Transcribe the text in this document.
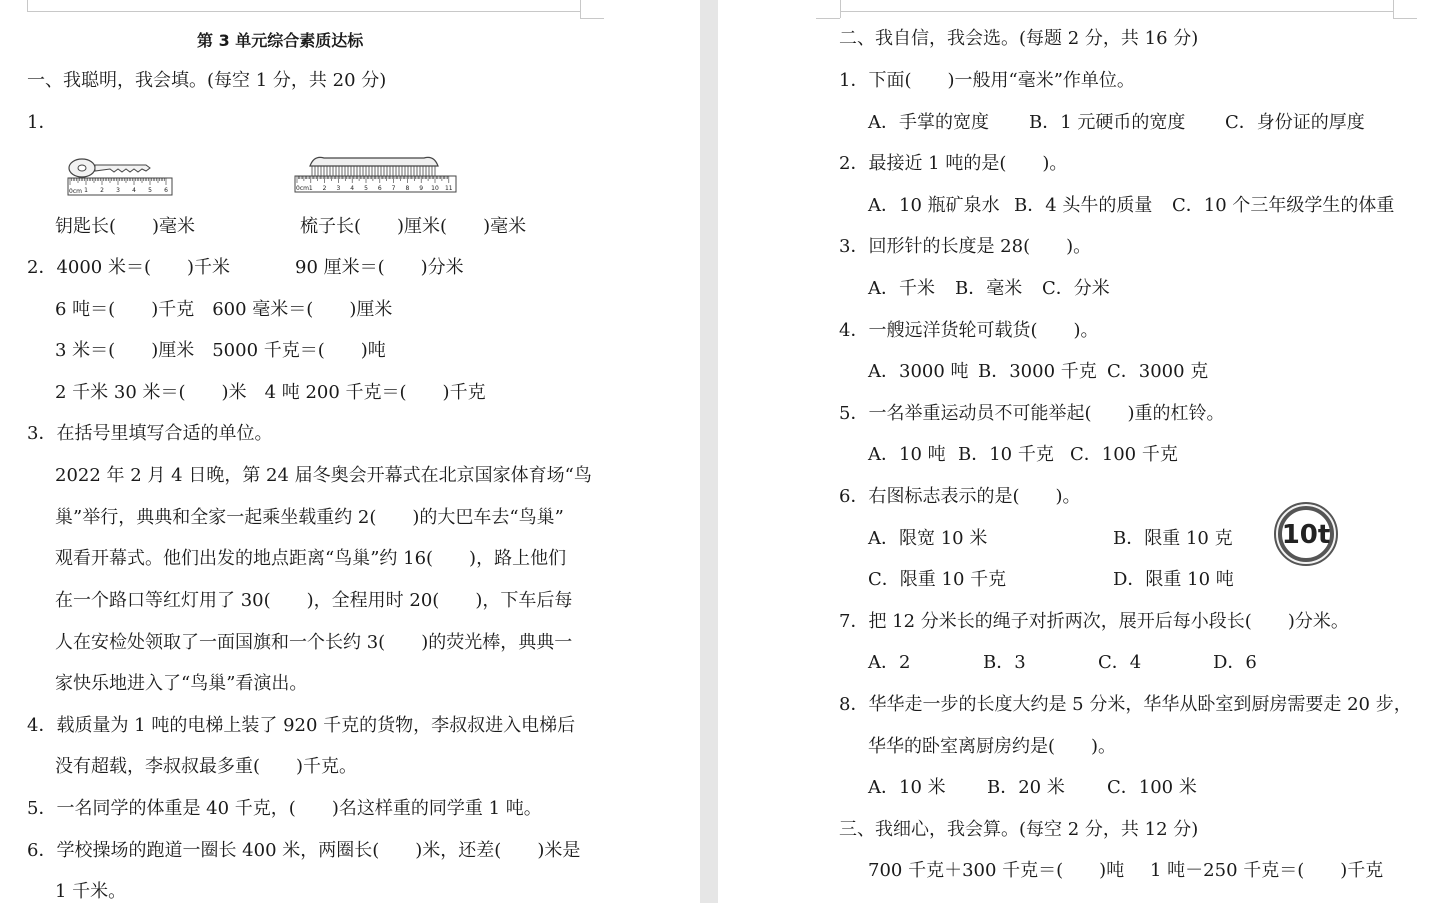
第 3 单元综合素质达标
一、我聪明，我会填。(每空 1 分，共 20 分)
1．
0cm 1 2 3 4 5 6	0cm 1 2 3 4 5 6 7 8 9 10 11
钥匙长(　　)毫米	梳子长(　　)厘米(　　)毫米
2．4000 米＝(　　)千米	90 厘米＝(　　)分米
6 吨＝(　　)千克　600 毫米＝(　　)厘米
3 米＝(　　)厘米　5000 千克＝(　　)吨
2 千米 30 米＝(　　)米　4 吨 200 千克＝(　　)千克
3．在括号里填写合适的单位。
2022 年 2 月 4 日晚，第 24 届冬奥会开幕式在北京国家体育场“鸟
巢”举行，典典和全家一起乘坐载重约 2(　　)的大巴车去“鸟巢”
观看开幕式。他们出发的地点距离“鸟巢”约 16(　　)，路上他们
在一个路口等红灯用了 30(　　)，全程用时 20(　　)，下车后每
人在安检处领取了一面国旗和一个长约 3(　　)的荧光棒，典典一
家快乐地进入了“鸟巢”看演出。
4．载质量为 1 吨的电梯上装了 920 千克的货物，李叔叔进入电梯后
没有超载，李叔叔最多重(　　)千克。
5．一名同学的体重是 40 千克，(　　)名这样重的同学重 1 吨。
6．学校操场的跑道一圈长 400 米，两圈长(　　)米，还差(　　)米是
1 千米。
二、我自信，我会选。(每题 2 分，共 16 分)
1．下面(　　)一般用“毫米”作单位。
A．手掌的宽度 B．1 元硬币的宽度 C．身份证的厚度
2．最接近 1 吨的是(　　)。
A．10 瓶矿泉水 B．4 头牛的质量 C．10 个三年级学生的体重
3．回形针的长度是 28(　　)。
A．千米 B．毫米 C．分米
4．一艘远洋货轮可载货(　　)。
A．3000 吨 B．3000 千克 C．3000 克
5．一名举重运动员不可能举起(　　)重的杠铃。
A．10 吨 B．10 千克 C．100 千克
6．右图标志表示的是(　　)。
A．限宽 10 米	B．限重 10 克
C．限重 10 千克	D．限重 10 吨
10t
7．把 12 分米长的绳子对折两次，展开后每小段长(　　)分米。
A．2	B．3	C．4	D．6
8．华华走一步的长度大约是 5 分米，华华从卧室到厨房需要走 20 步，
华华的卧室离厨房约是(　　)。
A．10 米 B．20 米 C．100 米
三、我细心，我会算。(每空 2 分，共 12 分)
700 千克＋300 千克＝(　　)吨 1 吨－250 千克＝(　　)千克
